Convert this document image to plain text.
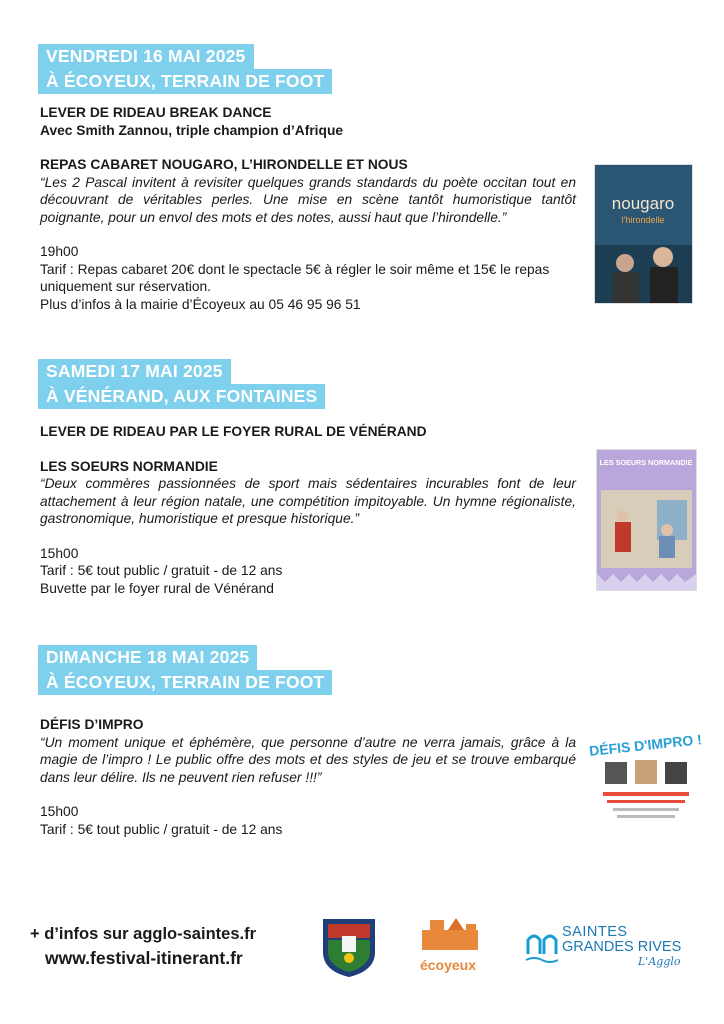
VENDREDI 16 MAI 2025
À ÉCOYEUX, TERRAIN DE FOOT
LEVER DE RIDEAU BREAK DANCE
Avec Smith Zannou, triple champion d’Afrique
REPAS CABARET NOUGARO, L’HIRONDELLE ET NOUS
“Les 2 Pascal invitent à revisiter quelques grands standards du poète occitan tout en découvrant de véritables perles. Une mise en scène tantôt humoristique tantôt poignante, pour un envol des mots et des notes, aussi haut que l’hirondelle.”
19h00
Tarif : Repas cabaret 20€ dont le spectacle 5€ à régler le soir même et 15€ le repas uniquement sur réservation.
Plus d’infos à la mairie d’Écoyeux au 05 46 95 96 51
nougaro
l'hirondelle
SAMEDI 17 MAI 2025
À VÉNÉRAND, AUX FONTAINES
LEVER DE RIDEAU PAR LE FOYER RURAL DE VÉNÉRAND
LES SOEURS NORMANDIE
“Deux commères passionnées de sport mais sédentaires incurables font de leur attachement à leur région natale, une compétition impitoyable. Un hymne régionaliste, gastronomique, humoristique et presque historique.”
15h00
Tarif : 5€ tout public / gratuit - de 12 ans
Buvette par le foyer rural de Vénérand
LES SOEURS NORMANDIE
DIMANCHE 18 MAI 2025
À ÉCOYEUX, TERRAIN DE FOOT
DÉFIS D’IMPRO
“Un moment unique et éphémère, que personne d’autre ne verra jamais, grâce à la magie de l’impro ! Le public offre des mots et des styles de jeu et se trouve embarqué dans leur délire. Ils ne peuvent rien refuser !!!”
15h00
Tarif : 5€ tout public / gratuit - de 12 ans
DÉFIS D'IMPRO !
+ d’infos sur agglo-saintes.fr
www.festival-itinerant.fr	écoyeux
SAINTES
GRANDES RIVES
L'Agglo
